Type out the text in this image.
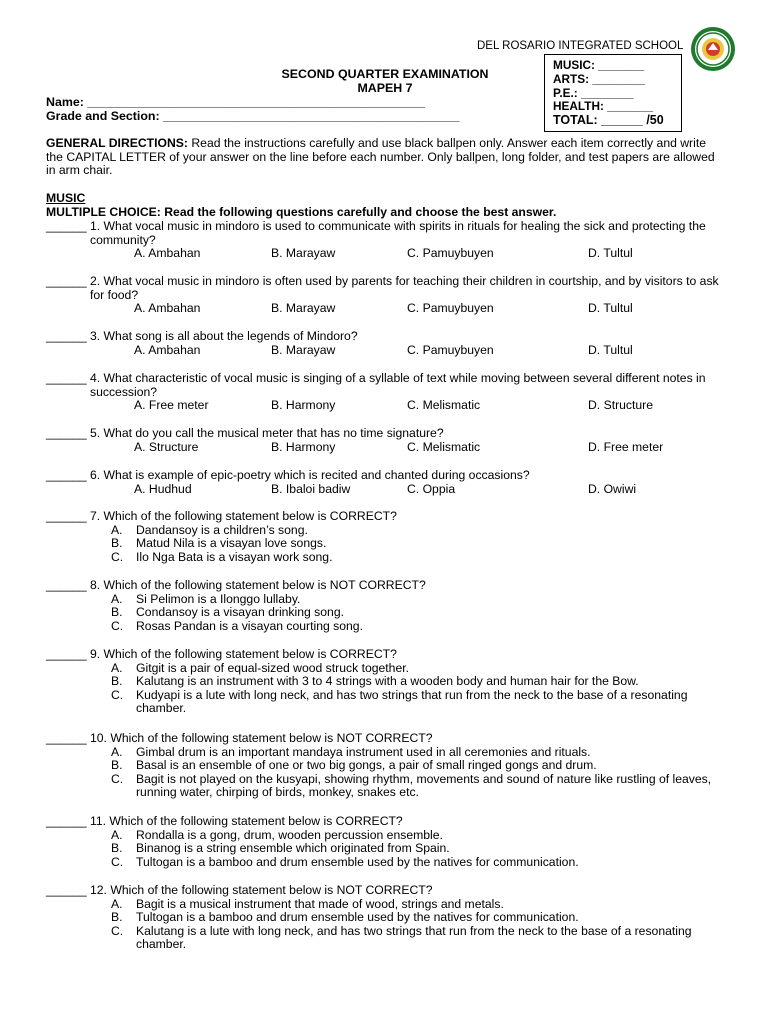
DEL ROSARIO INTEGRATED SCHOOL
MUSIC: _______
ARTS: ________
P.E.: ________
HEALTH: _______
TOTAL: ______ /50
SECOND QUARTER EXAMINATION
MAPEH 7
Name: _________________________________________________
Grade and Section: ___________________________________________
GENERAL DIRECTIONS: Read the instructions carefully and use black ballpen only. Answer each item correctly and write the CAPITAL LETTER of your answer on the line before each number. Only ballpen, long folder, and test papers are allowed in arm chair.
MUSIC
MULTIPLE CHOICE: Read the following questions carefully and choose the best answer.
______ 1. What vocal music in mindoro is used to communicate with spirits in rituals for healing the sick and protecting the community?
A. Ambahan	B. Marayaw	C. Pamuybuyen	D. Tultul
______ 2. What vocal music in mindoro is often used by parents for teaching their children in courtship, and by visitors to ask for food?
A. Ambahan	B. Marayaw	C. Pamuybuyen	D. Tultul
______ 3. What song is all about the legends of Mindoro?
A. Ambahan	B. Marayaw	C. Pamuybuyen	D. Tultul
______ 4. What characteristic of vocal music is singing of a syllable of text while moving between several different notes in succession?
A. Free meter	B. Harmony	C. Melismatic	D. Structure
______ 5. What do you call the musical meter that has no time signature?
A. Structure	B. Harmony	C. Melismatic	D. Free meter
______ 6. What is example of epic-poetry which is recited and chanted during occasions?
A. Hudhud	B. Ibaloi badiw	C. Oppia	D. Owiwi
______ 7. Which of the following statement below is CORRECT?
A. Dandansoy is a children’s song.
B. Matud Nila is a visayan love songs.
C. Ilo Nga Bata is a visayan work song.
______ 8. Which of the following statement below is NOT CORRECT?
A. Si Pelimon is a Ilonggo lullaby.
B. Condansoy is a visayan drinking song.
C. Rosas Pandan is a visayan courting song.
______ 9. Which of the following statement below is CORRECT?
A. Gitgit is a pair of equal-sized wood struck together.
B. Kalutang is an instrument with 3 to 4 strings with a wooden body and human hair for the Bow.
C. Kudyapi is a lute with long neck, and has two strings that run from the neck to the base of a resonating chamber.
______ 10. Which of the following statement below is NOT CORRECT?
A. Gimbal drum is an important mandaya instrument used in all ceremonies and rituals.
B. Basal is an ensemble of one or two big gongs, a pair of small ringed gongs and drum.
C. Bagit is not played on the kusyapi, showing rhythm, movements and sound of nature like rustling of leaves, running water, chirping of birds, monkey, snakes etc.
______ 11. Which of the following statement below is CORRECT?
A. Rondalla is a gong, drum, wooden percussion ensemble.
B. Binanog is a string ensemble which originated from Spain.
C. Tultogan is a bamboo and drum ensemble used by the natives for communication.
______ 12. Which of the following statement below is NOT CORRECT?
A. Bagit is a musical instrument that made of wood, strings and metals.
B. Tultogan is a bamboo and drum ensemble used by the natives for communication.
C. Kalutang is a lute with long neck, and has two strings that run from the neck to the base of a resonating chamber.
